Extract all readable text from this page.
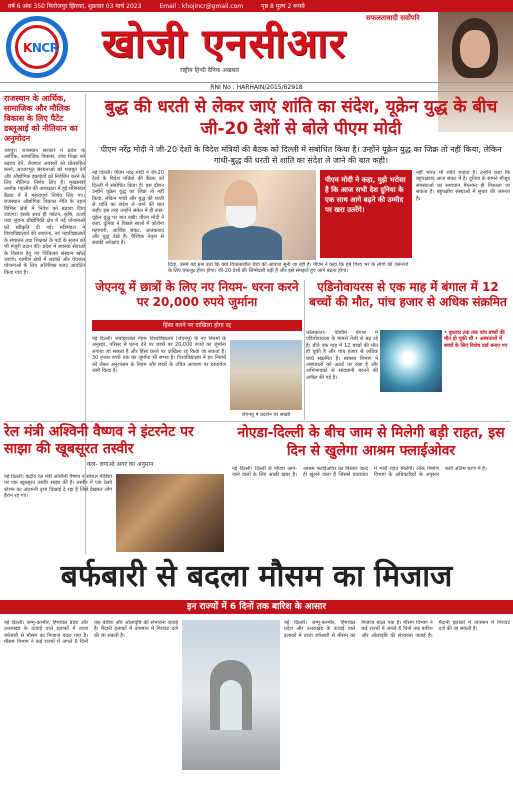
वर्ष 6 अंक 350 फिरोजपुर झिरका, शुक्रवार 03 मार्च 2023	Email : khojincr@gmail.com	पृष्ठ 8 मूल्य 2 रूपये
KNCR खोजी एनसीआर
सफलतावादी सर्वोपरि
राष्ट्रीय हिन्दी दैनिक अखबार
RNI No : HARHAIN/2015/62918
राजस्थान के आर्थिक, सामाजिक और मौलिक विकास के लिए पैटेंट डब्लूआई को नीतियान का अनुमोदन
जयपुर। राजस्थान सरकार ने प्रदेश के आर्थिक, सामाजिक विकास, उच्च शिक्षा को बढ़ावा देने, रोजगार अवसरों को प्रोत्साहित करने, आधारभूत संरचनाओं को मजबूत देने और औद्योगिक इकाइयों को निवेशित करने के लिए नीतिगत निर्णय लिए हैं। मुख्यमंत्री अशोक गहलोत की अध्यक्षता में हुई मंत्रिमंडल बैठक में ये महत्वपूर्ण निर्णय लिए गए। राजस्थान औद्योगिक विकास नीति के तहत विभिन्न क्षेत्रों में निवेश को बढ़ावा दिया जाएगा। इसके साथ ही पर्यटन, कृषि, ऊर्जा तथा सूचना प्रौद्योगिकी क्षेत्र में नई योजनाओं को स्वीकृति दी गई। मंत्रिमंडल ने विश्वविद्यालयों की स्थापना, नए महाविद्यालयों के संचालन तथा शिक्षकों के पदों के सृजन को भी मंजूरी प्रदान की। प्रदेश में स्वास्थ्य सेवाओं के विस्तार हेतु नए चिकित्सा संस्थान खोले जाएंगे। ग्रामीण क्षेत्रों में सड़कों और पेयजल योजनाओं के लिए अतिरिक्त बजट आवंटित किया गया है।
बुद्ध की धरती से लेकर जाएं शांति का संदेश, यूक्रेन युद्ध के बीच जी-20 देशों से बोले पीएम मोदी
पीएम नरेंद्र मोदी ने जी-20 देशों के विदेश मंत्रियों की बैठक को दिल्ली में संबोधित किया है। उन्होंने यूक्रेन युद्ध का जिक्र तो नहीं किया, लेकिन गांधी-बुद्ध की धरती से शांति का संदेश ले जाने की बात कही।
नई दिल्ली। पीएम नरेंद्र मोदी ने जी-20 देशों के विदेश मंत्रियों की बैठक को दिल्ली में संबोधित किया है। इस दौरान उन्होंने यूक्रेन युद्ध का जिक्र तो नहीं किया, लेकिन गांधी और बुद्ध की धरती से शांति का संदेश ले जाने की बात कही। इस तरह उन्होंने संकेत में ही रूस-यूक्रेन युद्ध पर बात रखी। पीएम मोदी ने कहा, दुनिया ने पिछले सालों में कोरोना महामारी, आर्थिक संकट, आतंकवाद और युद्ध देखे हैं। वैश्विक नेतृत्व से सबकी अपेक्षाएं हैं।
पीएम मोदी ने कहा, मुझे भरोसा है कि आज सभी देश दुनिया के एक साथ आगे बढ़ने की उम्मीद पर खरा उतरेंगे।
दिया, उसमें यह प्रश्न उठा कि क्या विकासशील देशों की आवाज सुनी जा रही है। पीएम ने कहा कि हमें विश्व भर के लोगों की जरूरतों के लिए एकजुट होना होगा। जी-20 देशों की जिम्मेदारी बड़ी है और इसे समझते हुए आगे बढ़ना होगा।
नहीं भारत भी शांति चाहता है। उन्होंने कहा कि बहुपक्षवाद आज संकट में है। दुनिया के सामने मौजूद समस्याओं का समाधान मिलकर ही निकाला जा सकता है। बहुपक्षीय संस्थाओं में सुधार की जरूरत है।
जेएनयू में छात्रों के लिए नए नियम- धरना करने पर 20,000 रुपये जुर्माना
हिंसा करने पर दाखिला होगा रद्द
नई दिल्ली। जवाहरलाल नेहरू विश्वविद्यालय (जेएनयू) के नए नियमों के अनुसार, परिसर में धरना देने पर छात्रों पर 20,000 रुपये का जुर्माना लगाया जा सकता है और हिंसा करने पर दाखिला रद्द किया जा सकता है। 30 हजार रुपये तक का जुर्माना भी संभव है। विश्वविद्यालय ने इन नियमों को लेकर अनुशासन के नियम और छात्रों के उचित आचरण पर दस्तावेज जारी किया है।
जेएनयू में प्रदर्शन पर सख्ती
एडिनोवायरस से एक माह में बंगाल में 12 बच्चों की मौत, पांच हजार से अधिक संक्रमित
कोलकाता। पश्चिम बंगाल में एडिनोवायरस के मामले तेजी से बढ़ रहे हैं। बीते एक माह में 12 बच्चों की मौत हो चुकी है और पांच हजार से अधिक बच्चे संक्रमित हैं। स्वास्थ्य विभाग ने अस्पतालों को अलर्ट पर रखा है और अभिभावकों से सावधानी बरतने की अपील की गई है।
• बुधवार तक तक पांच बच्चों की मौत हो चुकी थी • अस्पतालों में बच्चों के लिए विशेष वार्ड बनाए गए
रेल मंत्री अश्विनी वैष्णव ने इंटरनेट पर साझा की खूबसूरत तस्वीर
कल- लगाओ अगर का अनुमान
नई दिल्ली। केंद्रीय रेल मंत्री अश्विनी वैष्णव ने सोशल मीडिया पर एक खूबसूरत तस्वीर साझा की है। तस्वीर में एक रेलवे स्टेशन का अंदरूनी दृश्य दिखाई दे रहा है जिसे देखकर लोग हैरान रह गए।
नोएडा-दिल्ली के बीच जाम से मिलेगी बड़ी राहत, इस दिन से खुलेगा आश्रम फ्लाईओवर
नई दिल्ली। दिल्ली से नोएडा आने-जाने वालों के लिए अच्छी खबर है। आश्रम फ्लाईओवर का विस्तार जल्द ही खुलने वाला है जिससे यातायात में भारी राहत मिलेगी। लोक निर्माण विभाग के अधिकारियों के अनुसार कार्य अंतिम चरण में है।
बर्फबारी से बदला मौसम का मिजाज
इन राज्यों में 6 दिनों तक बारिश के आसार
नई दिल्ली। जम्मू-कश्मीर, हिमाचल प्रदेश और उत्तराखंड के ऊंचाई वाले इलाकों में ताजा बर्फबारी से मौसम का मिजाज बदल गया है। मौसम विभाग ने कई राज्यों में अगले 6 दिनों तक बारिश और ओलावृष्टि की संभावना जताई है। मैदानी इलाकों में तापमान में गिरावट दर्ज की जा सकती है।
नई दिल्ली। जम्मू-कश्मीर, हिमाचल प्रदेश और उत्तराखंड के ऊंचाई वाले इलाकों में ताजा बर्फबारी से मौसम का मिजाज बदल गया है। मौसम विभाग ने कई राज्यों में अगले 6 दिनों तक बारिश और ओलावृष्टि की संभावना जताई है। मैदानी इलाकों में तापमान में गिरावट दर्ज की जा सकती है।
